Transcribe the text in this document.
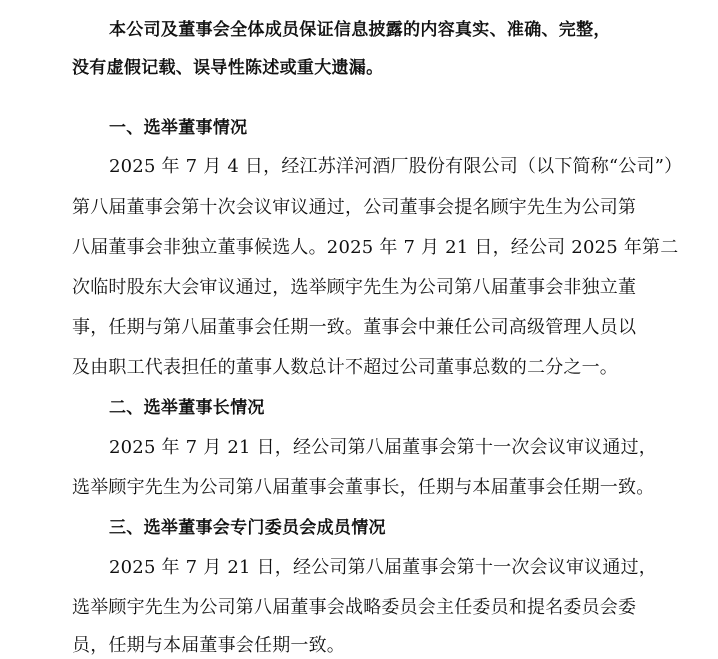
本公司及董事会全体成员保证信息披露的内容真实、准确、完整，
没有虚假记载、误导性陈述或重大遗漏。
一、选举董事情况
2025 年 7 月 4 日，经江苏洋河酒厂股份有限公司（以下简称“公司”）
第八届董事会第十次会议审议通过，公司董事会提名顾宇先生为公司第
八届董事会非独立董事候选人。2025 年 7 月 21 日，经公司 2025 年第二
次临时股东大会审议通过，选举顾宇先生为公司第八届董事会非独立董
事，任期与第八届董事会任期一致。董事会中兼任公司高级管理人员以
及由职工代表担任的董事人数总计不超过公司董事总数的二分之一。
二、选举董事长情况
2025 年 7 月 21 日，经公司第八届董事会第十一次会议审议通过，
选举顾宇先生为公司第八届董事会董事长，任期与本届董事会任期一致。
三、选举董事会专门委员会成员情况
2025 年 7 月 21 日，经公司第八届董事会第十一次会议审议通过，
选举顾宇先生为公司第八届董事会战略委员会主任委员和提名委员会委
员，任期与本届董事会任期一致。
